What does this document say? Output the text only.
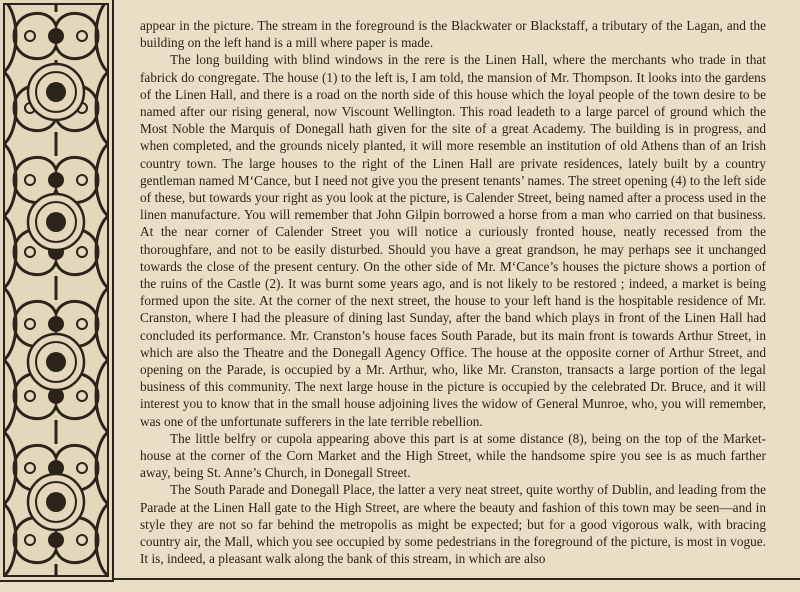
appear in the picture. The stream in the foreground is the Blackwater or Blackstaff, a tributary of the Lagan, and the building on the left hand is a mill where paper is made.

The long building with blind windows in the rere is the Linen Hall, where the merchants who trade in that fabrick do congregate. The house (1) to the left is, I am told, the mansion of Mr. Thompson. It looks into the gardens of the Linen Hall, and there is a road on the north side of this house which the loyal people of the town desire to be named after our rising general, now Viscount Wellington. This road leadeth to a large parcel of ground which the Most Noble the Marquis of Donegall hath given for the site of a great Academy. The building is in progress, and when completed, and the grounds nicely planted, it will more resemble an institution of old Athens than of an Irish country town. The large houses to the right of the Linen Hall are private residences, lately built by a country gentleman named M‘Cance, but I need not give you the present tenants’ names. The street opening (4) to the left side of these, but towards your right as you look at the picture, is Calender Street, being named after a process used in the linen manufacture. You will remember that John Gilpin borrowed a horse from a man who carried on that business. At the near corner of Calender Street you will notice a curiously fronted house, neatly recessed from the thoroughfare, and not to be easily disturbed. Should you have a great grandson, he may perhaps see it unchanged towards the close of the present century. On the other side of Mr. M‘Cance’s houses the picture shows a portion of the ruins of the Castle (2). It was burnt some years ago, and is not likely to be restored ; indeed, a market is being formed upon the site. At the corner of the next street, the house to your left hand is the hospitable residence of Mr. Cranston, where I had the pleasure of dining last Sunday, after the band which plays in front of the Linen Hall had concluded its performance. Mr. Cranston’s house faces South Parade, but its main front is towards Arthur Street, in which are also the Theatre and the Donegall Agency Office. The house at the opposite corner of Arthur Street, and opening on the Parade, is occupied by a Mr. Arthur, who, like Mr. Cranston, transacts a large portion of the legal business of this community. The next large house in the picture is occupied by the celebrated Dr. Bruce, and it will interest you to know that in the small house adjoining lives the widow of General Munroe, who, you will remember, was one of the unfortunate sufferers in the late terrible rebellion.

The little belfry or cupola appearing above this part is at some distance (8), being on the top of the Market-house at the corner of the Corn Market and the High Street, while the handsome spire you see is as much farther away, being St. Anne’s Church, in Donegall Street.

The South Parade and Donegall Place, the latter a very neat street, quite worthy of Dublin, and leading from the Parade at the Linen Hall gate to the High Street, are where the beauty and fashion of this town may be seen—and in style they are not so far behind the metropolis as might be expected; but for a good vigorous walk, with bracing country air, the Mall, which you see occupied by some pedestrians in the foreground of the picture, is most in vogue. It is, indeed, a pleasant walk along the bank of this stream, in which are also
